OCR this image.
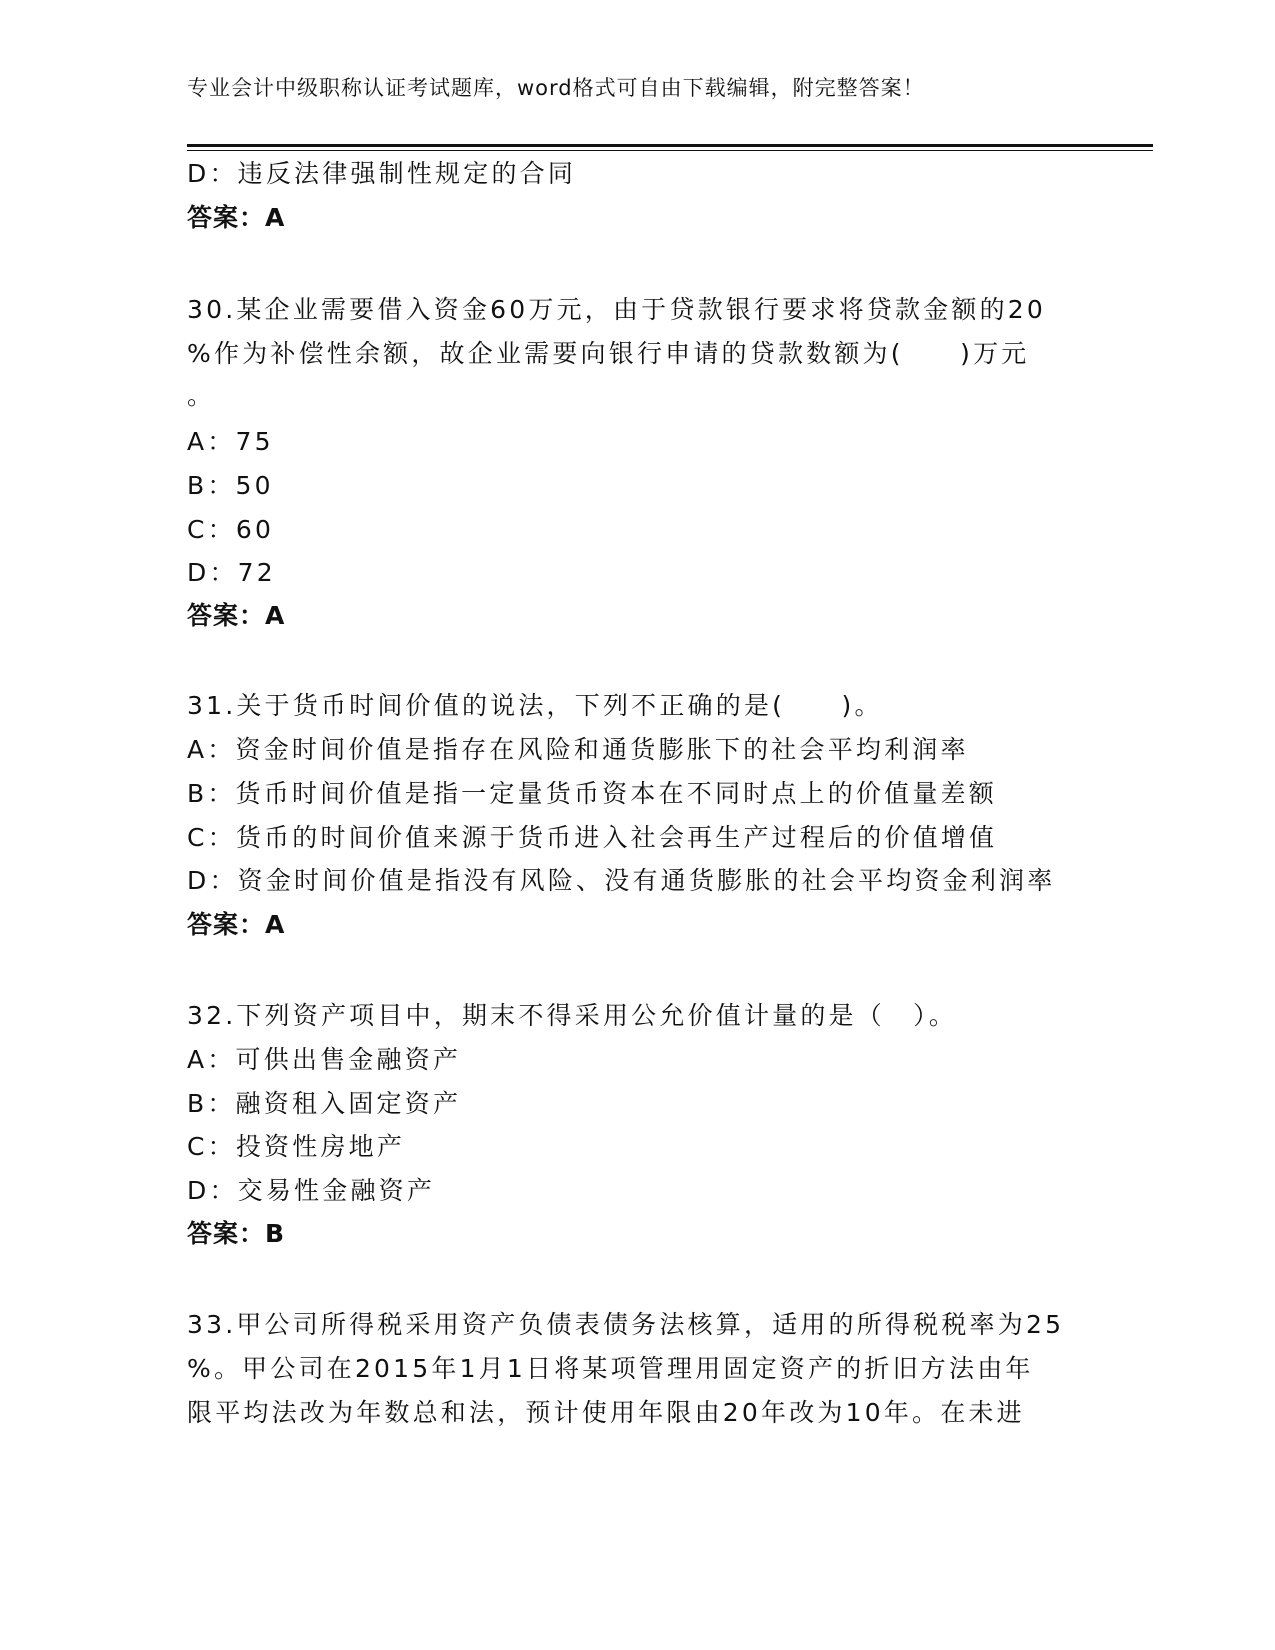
专业会计中级职称认证考试题库，word格式可自由下载编辑，附完整答案！
D：违反法律强制性规定的合同
答案：A
30.某企业需要借入资金60万元，由于贷款银行要求将贷款金额的20
%作为补偿性余额，故企业需要向银行申请的贷款数额为(　　)万元
。
A：75
B：50
C：60
D：72
答案：A
31.关于货币时间价值的说法，下列不正确的是(　　)。
A：资金时间价值是指存在风险和通货膨胀下的社会平均利润率
B：货币时间价值是指一定量货币资本在不同时点上的价值量差额
C：货币的时间价值来源于货币进入社会再生产过程后的价值增值
D：资金时间价值是指没有风险、没有通货膨胀的社会平均资金利润率
答案：A
32.下列资产项目中，期末不得采用公允价值计量的是（　）。
A：可供出售金融资产
B：融资租入固定资产
C：投资性房地产
D：交易性金融资产
答案：B
33.甲公司所得税采用资产负债表债务法核算，适用的所得税税率为25
%。甲公司在2015年1月1日将某项管理用固定资产的折旧方法由年
限平均法改为年数总和法，预计使用年限由20年改为10年。在未进
